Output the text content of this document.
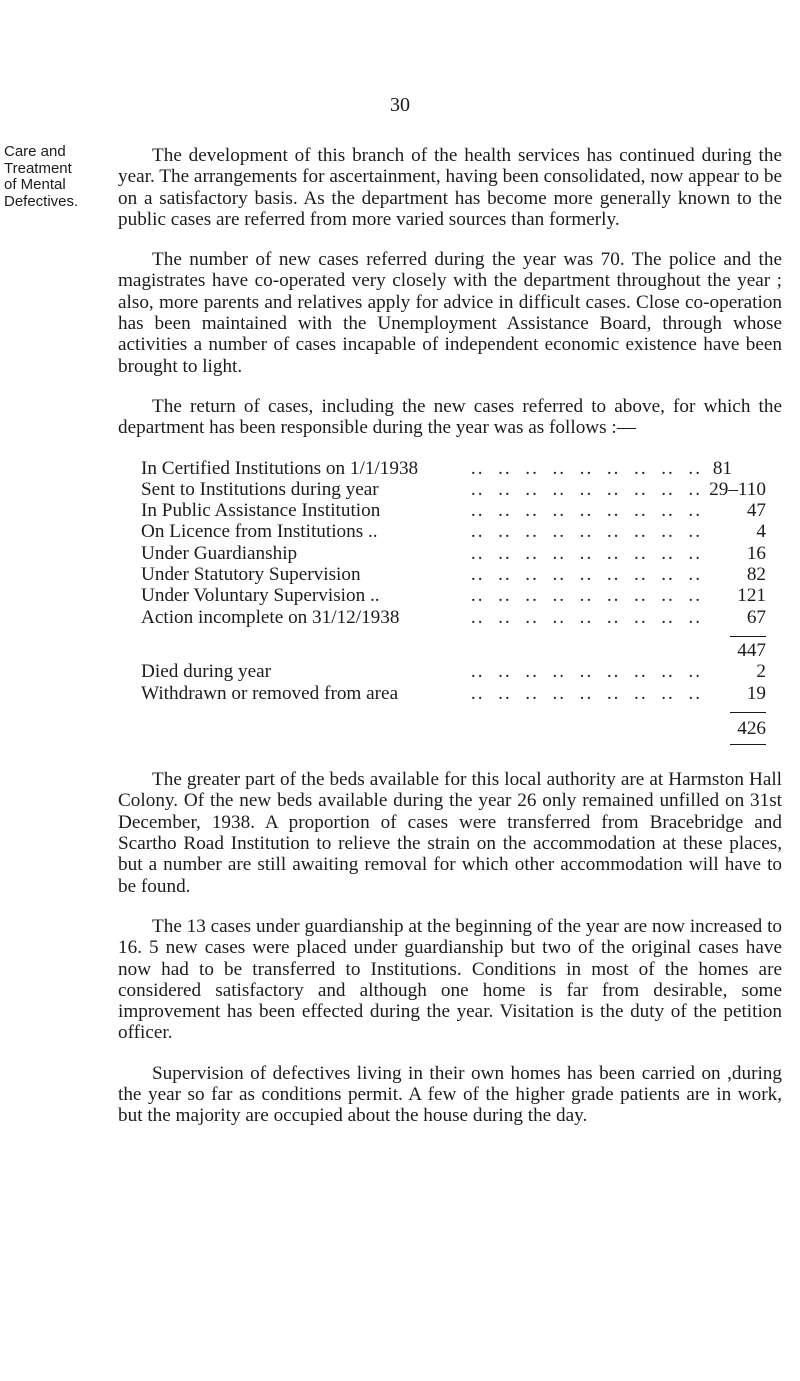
30
Care and
Treatment
of Mental
Defectives.

The development of this branch of the health services has continued during the year. The arrangements for ascertainment, having been consolidated, now appear to be on a satisfactory basis. As the department has become more generally known to the public cases are referred from more varied sources than formerly.

The number of new cases referred during the year was 70. The police and the magistrates have co-operated very closely with the department throughout the year ; also, more parents and relatives apply for advice in difficult cases. Close co-operation has been maintained with the Unemployment Assistance Board, through whose activities a number of cases incapable of independent economic existence have been brought to light.

The return of cases, including the new cases referred to above, for which the department has been responsible during the year was as follows :—

..  .
In Certified Institutions on 1/1/1938	81
..  .
Sent to Institutions during year	29–110
..  .
In Public Assistance Institution	47
..  .
On Licence from Institutions ..	4
..  .
Under Guardianship	16
..  .
Under Statutory Supervision	82
..  .
Under Voluntary Supervision ..	121
..  .
Action incomplete on 31/12/1938	67
447
..  .
Died during year	2
..  .
Withdrawn or removed from area	19
426

The greater part of the beds available for this local authority are at Harmston Hall Colony. Of the new beds available during the year 26 only remained unfilled on 31st December, 1938. A proportion of cases were transferred from Bracebridge and Scartho Road Institution to relieve the strain on the accommodation at these places, but a number are still awaiting removal for which other accommodation will have to be found.

The 13 cases under guardianship at the beginning of the year are now increased to 16. 5 new cases were placed under guardianship but two of the original cases have now had to be transferred to Institutions. Conditions in most of the homes are considered satisfactory and although one home is far from desirable, some improvement has been effected during the year. Visitation is the duty of the petition officer.

Supervision of defectives living in their own homes has been carried on ,during the year so far as conditions permit. A few of the higher grade patients are in work, but the majority are occupied about the house during the day.
